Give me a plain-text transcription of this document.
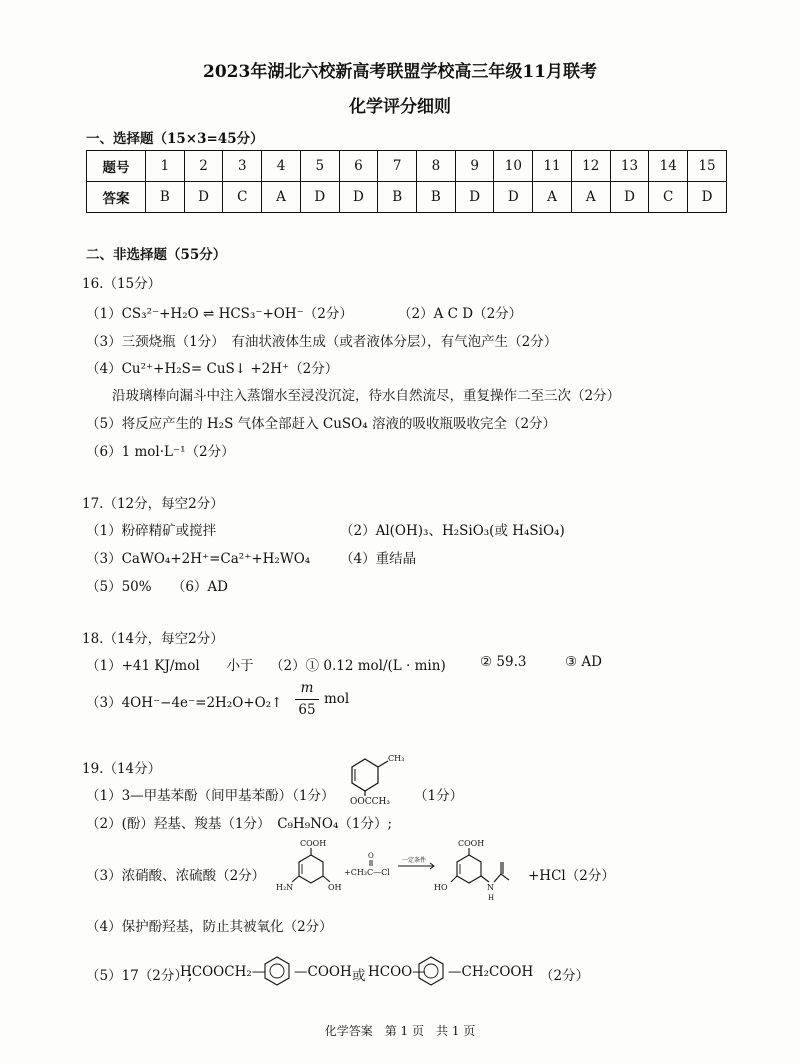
2023年湖北六校新高考联盟学校高三年级11月联考
化学评分细则
一、选择题（15×3=45分）
题号	1	2	3	4	5	6	7	8	9	10	11	12	13	14	15
答案	B	D	C	A	D	D	B	B	D	D	A	A	D	C	D
二、非选择题（55分）
16.（15分）
（1）CS₃²⁻+H₂O ⇌ HCS₃⁻+OH⁻（2分）	（2）A C D（2分）
（3）三颈烧瓶（1分）　有油状液体生成（或者液体分层），有气泡产生（2分）
（4）Cu²⁺+H₂S= CuS↓ +2H⁺（2分）
沿玻璃棒向漏斗中注入蒸馏水至浸没沉淀，待水自然流尽，重复操作二至三次（2分）
（5）将反应产生的 H₂S 气体全部赶入 CuSO₄ 溶液的吸收瓶吸收完全（2分）
（6）1 mol·L⁻¹（2分）
17.（12分，每空2分）
（1）粉碎精矿或搅拌	（2）Al(OH)₃、H₂SiO₃(或 H₄SiO₄)
（3）CaWO₄+2H⁺=Ca²⁺+H₂WO₄ （4）重结晶
（5）50%　　（6）AD
18.（14分，每空2分）
（1）+41 KJ/mol　　小于 （2）① 0.12 mol/(L · min)	② 59.3	③ AD
（3）4OH⁻−4e⁻=2H₂O+O₂↑
m
65
mol
19.（14分）
（1）3—甲基苯酚（间甲基苯酚）（1分）
CH₃
OOCCH₃ （1分）
（2）(酚）羟基、羧基（1分）　C₉H₉NO₄（1分）;
（3）浓硝酸、浓硫酸（2分）
COOH
H₂N	OH
O
+CH₃C—Cl
一定条件
COOH
HO	N
H
+HCl（2分）
（4）保护酚羟基，防止其被氧化（2分）
（5）17（2分）;
HCOOCH₂— —COOH 或 HCOO— —CH₂COOH （2分）
化学答案　第 1 页　共 1 页
